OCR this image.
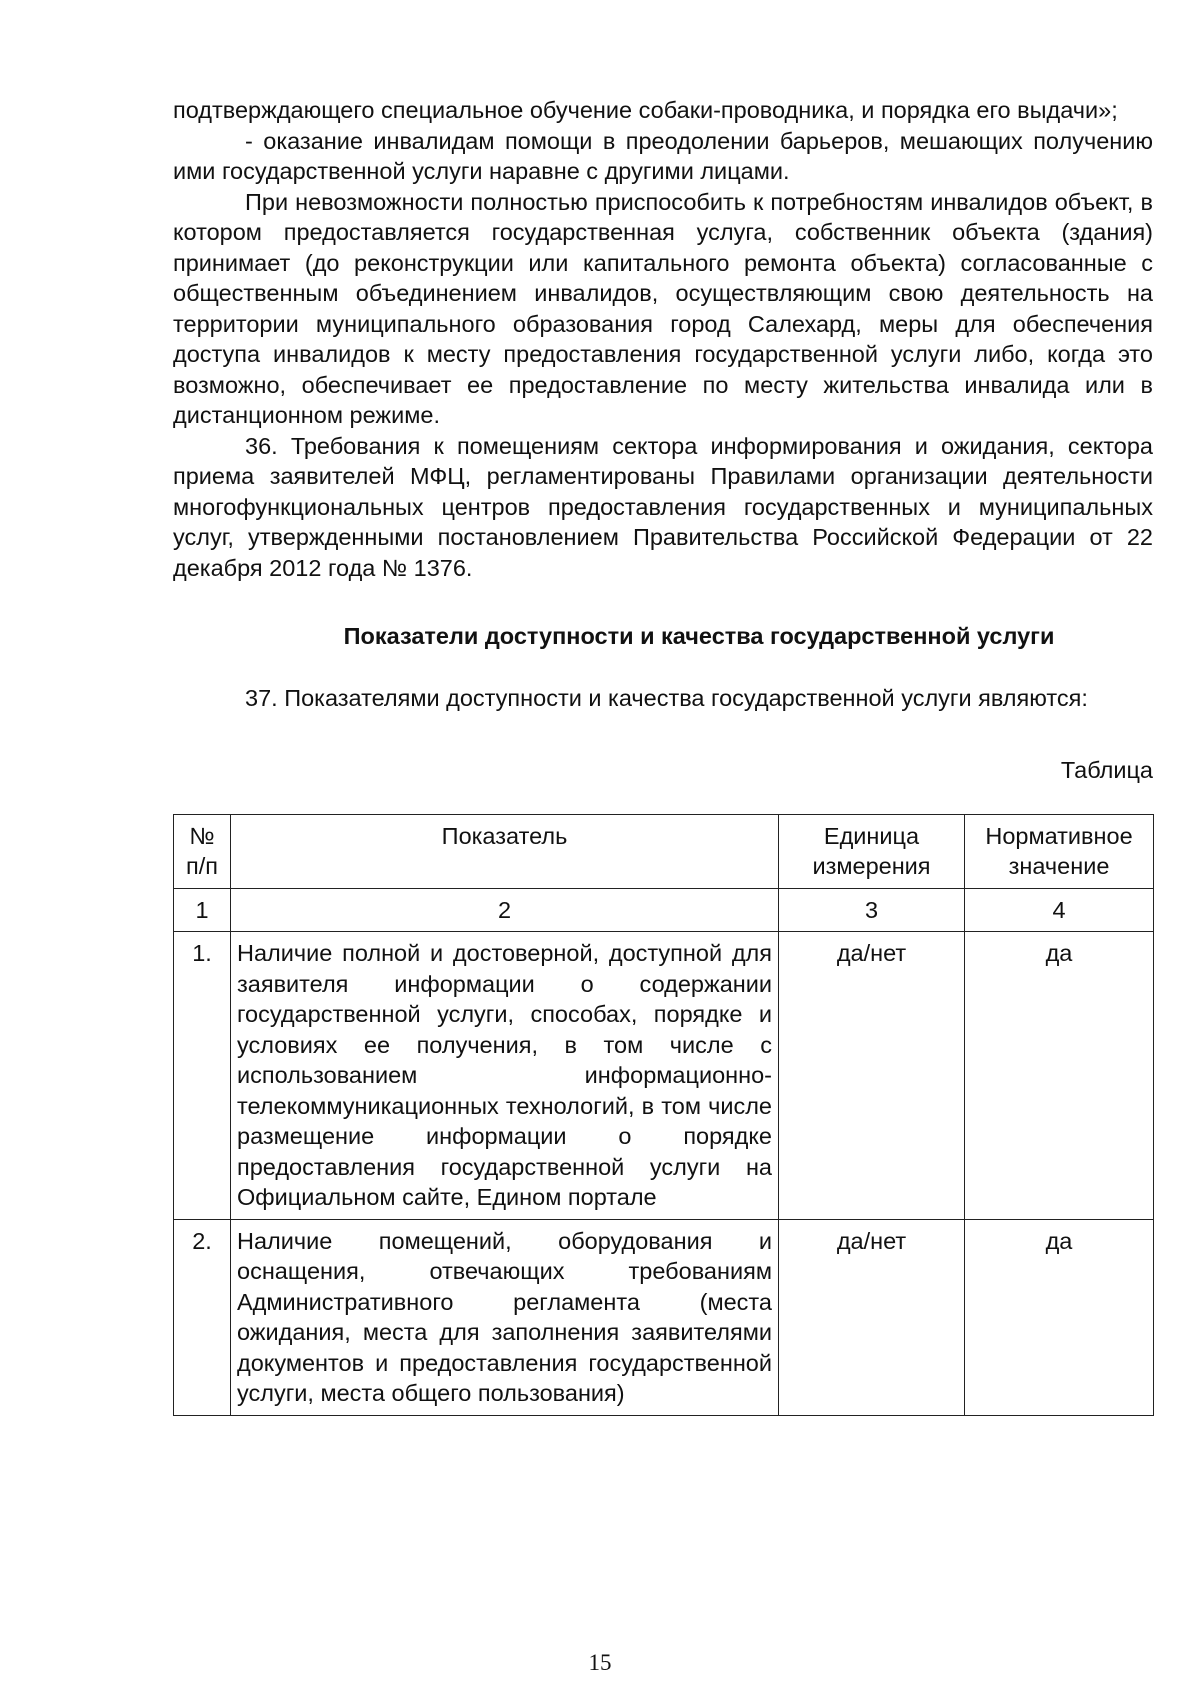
подтверждающего специальное обучение собаки-проводника, и порядка его выдачи»;

- оказание инвалидам помощи в преодолении барьеров, мешающих получению ими государственной услуги наравне с другими лицами.

При невозможности полностью приспособить к потребностям инвалидов объект, в котором предоставляется государственная услуга, собственник объекта (здания) принимает (до реконструкции или капитального ремонта объекта) согласованные с общественным объединением инвалидов, осуществляющим свою деятельность на территории муниципального образования город Салехард, меры для обеспечения доступа инвалидов к месту предоставления государственной услуги либо, когда это возможно, обеспечивает ее предоставление по месту жительства инвалида или в дистанционном режиме.

36. Требования к помещениям сектора информирования и ожидания, сектора приема заявителей МФЦ, регламентированы Правилами организации деятельности многофункциональных центров предоставления государственных и муниципальных услуг, утвержденными постановлением Правительства Российской Федерации от 22 декабря 2012 года № 1376.

Показатели доступности и качества государственной услуги

37. Показателями доступности и качества государственной услуги являются:

Таблица
№ п/п	Показатель	Единица измерения	Нормативное значение
1	2	3	4
1.	Наличие полной и достоверной, доступной для заявителя информации о содержании государственной услуги, способах, порядке и условиях ее получения, в том числе с использованием информационно-телекоммуникационных технологий, в том числе размещение информации о порядке предоставления государственной услуги на Официальном сайте, Едином портале	да/нет	да
2.	Наличие помещений, оборудования и оснащения, отвечающих требованиям Административного регламента (места ожидания, места для заполнения заявителями документов и предоставления государственной услуги, места общего пользования)	да/нет	да
15
